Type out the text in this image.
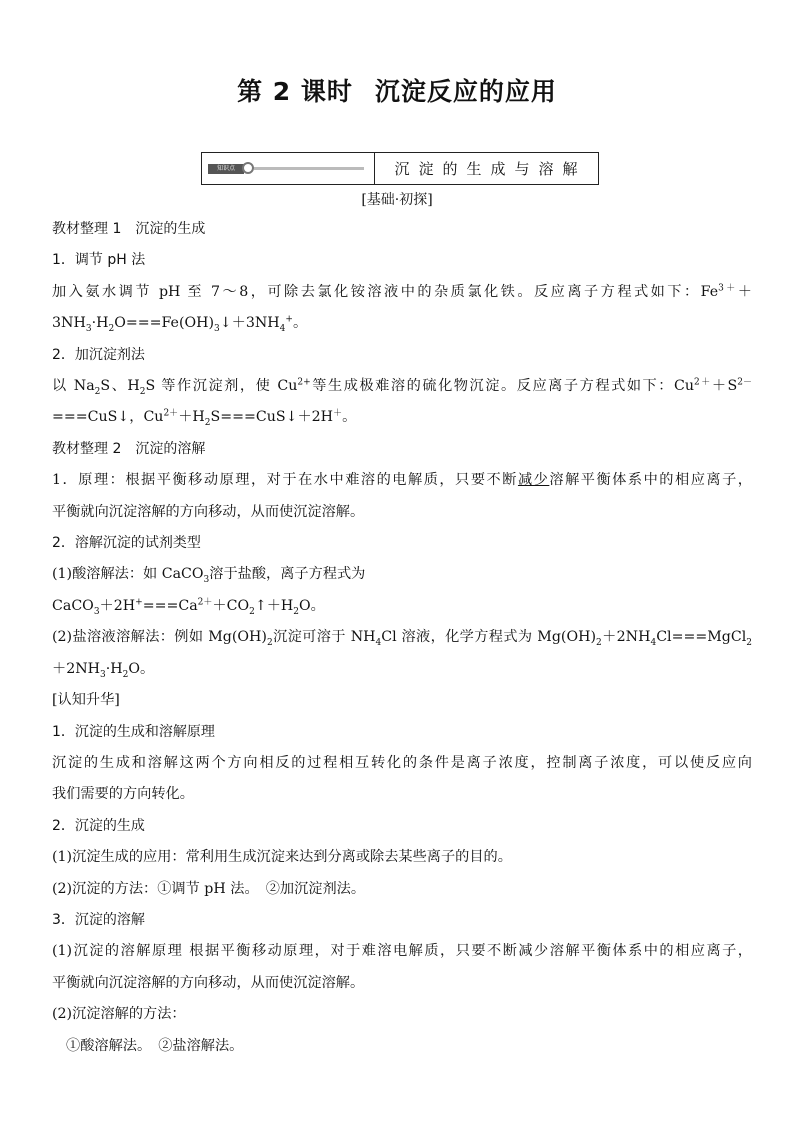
第 2 课时 沉淀反应的应用
知识点	沉淀的生成与溶解
[基础·初探]
教材整理 1　沉淀的生成
1．调节 pH 法
加入氨水调节 pH 至 7～8，可除去氯化铵溶液中的杂质氯化铁。反应离子方程式如下：$Fe^{3+}+$
$3NH_3\cdot H_2O===Fe(OH)_3↓+3NH_4^+$。
2．加沉淀剂法
以 $Na_2S$、$H_2S$ 等作沉淀剂，使 $Cu^{2+}$等生成极难溶的硫化物沉淀。反应离子方程式如下：$Cu^{2+}+S^{2-}$
===CuS↓，$Cu^{2+}+H_2S===CuS↓+2H^+$。
教材整理 2　沉淀的溶解
1．原理：根据平衡移动原理，对于在水中难溶的电解质，只要不断减少溶解平衡体系中的相应离子，
平衡就向沉淀溶解的方向移动，从而使沉淀溶解。
2．溶解沉淀的试剂类型
(1)酸溶解法：如 CaCO$_3$溶于盐酸，离子方程式为
$CaCO_3+2H^+===Ca^{2+}+CO_2↑+H_2O$。
(2)盐溶液溶解法：例如 $Mg(OH)_2$沉淀可溶于 $NH_4Cl$ 溶液，化学方程式为 $Mg(OH)_2+2NH_4Cl===MgCl_2$
$+2NH_3\cdot H_2O$。
[认知升华]
1．沉淀的生成和溶解原理
沉淀的生成和溶解这两个方向相反的过程相互转化的条件是离子浓度，控制离子浓度，可以使反应向
我们需要的方向转化。
2．沉淀的生成
(1)沉淀生成的应用：常利用生成沉淀来达到分离或除去某些离子的目的。
(2)沉淀的方法：①调节 pH 法。　②加沉淀剂法。
3．沉淀的溶解
(1)沉淀的溶解原理 根据平衡移动原理，对于难溶电解质，只要不断减少溶解平衡体系中的相应离子，
平衡就向沉淀溶解的方向移动，从而使沉淀溶解。
(2)沉淀溶解的方法：
①酸溶解法。　②盐溶解法。
